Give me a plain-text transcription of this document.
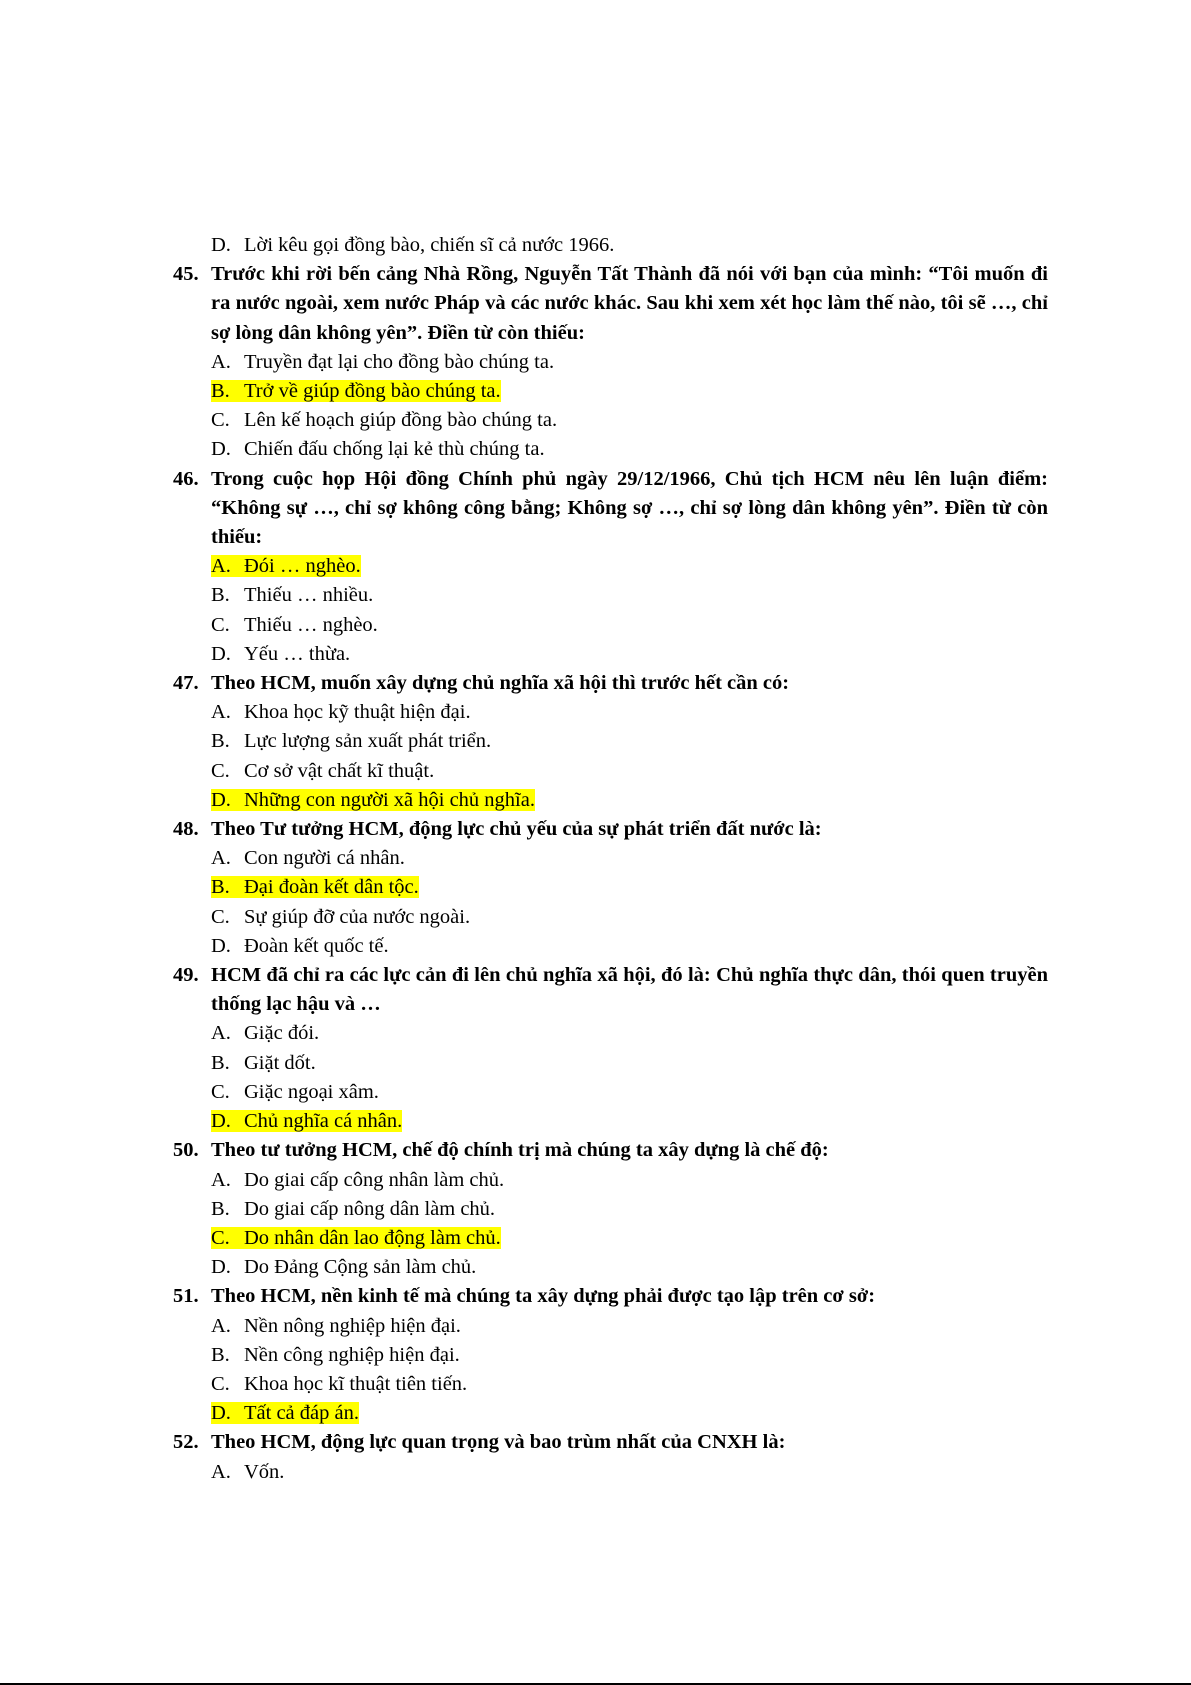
D. Lời kêu gọi đồng bào, chiến sĩ cả nước 1966.
45. Trước khi rời bến cảng Nhà Rồng, Nguyễn Tất Thành đã nói với bạn của mình: “Tôi muốn đi ra nước ngoài, xem nước Pháp và các nước khác. Sau khi xem xét học làm thế nào, tôi sẽ …, chỉ sợ lòng dân không yên”. Điền từ còn thiếu:
A. Truyền đạt lại cho đồng bào chúng ta.
B. Trở về giúp đồng bào chúng ta.
C. Lên kế hoạch giúp đồng bào chúng ta.
D. Chiến đấu chống lại kẻ thù chúng ta.
46. Trong cuộc họp Hội đồng Chính phủ ngày 29/12/1966, Chủ tịch HCM nêu lên luận điểm: “Không sự …, chỉ sợ không công bằng; Không sợ …, chỉ sợ lòng dân không yên”. Điền từ còn thiếu:
A. Đói … nghèo.
B. Thiếu … nhiều.
C. Thiếu … nghèo.
D. Yếu … thừa.
47. Theo HCM, muốn xây dựng chủ nghĩa xã hội thì trước hết cần có:
A. Khoa học kỹ thuật hiện đại.
B. Lực lượng sản xuất phát triển.
C. Cơ sở vật chất kĩ thuật.
D. Những con người xã hội chủ nghĩa.
48. Theo Tư tưởng HCM, động lực chủ yếu của sự phát triển đất nước là:
A. Con người cá nhân.
B. Đại đoàn kết dân tộc.
C. Sự giúp đỡ của nước ngoài.
D. Đoàn kết quốc tế.
49. HCM đã chỉ ra các lực cản đi lên chủ nghĩa xã hội, đó là: Chủ nghĩa thực dân, thói quen truyền thống lạc hậu và …
A. Giặc đói.
B. Giặt dốt.
C. Giặc ngoại xâm.
D. Chủ nghĩa cá nhân.
50. Theo tư tưởng HCM, chế độ chính trị mà chúng ta xây dựng là chế độ:
A. Do giai cấp công nhân làm chủ.
B. Do giai cấp nông dân làm chủ.
C. Do nhân dân lao động làm chủ.
D. Do Đảng Cộng sản làm chủ.
51. Theo HCM, nền kinh tế mà chúng ta xây dựng phải được tạo lập trên cơ sở:
A. Nền nông nghiệp hiện đại.
B. Nền công nghiệp hiện đại.
C. Khoa học kĩ thuật tiên tiến.
D. Tất cả đáp án.
52. Theo HCM, động lực quan trọng và bao trùm nhất của CNXH là:
A. Vốn.
